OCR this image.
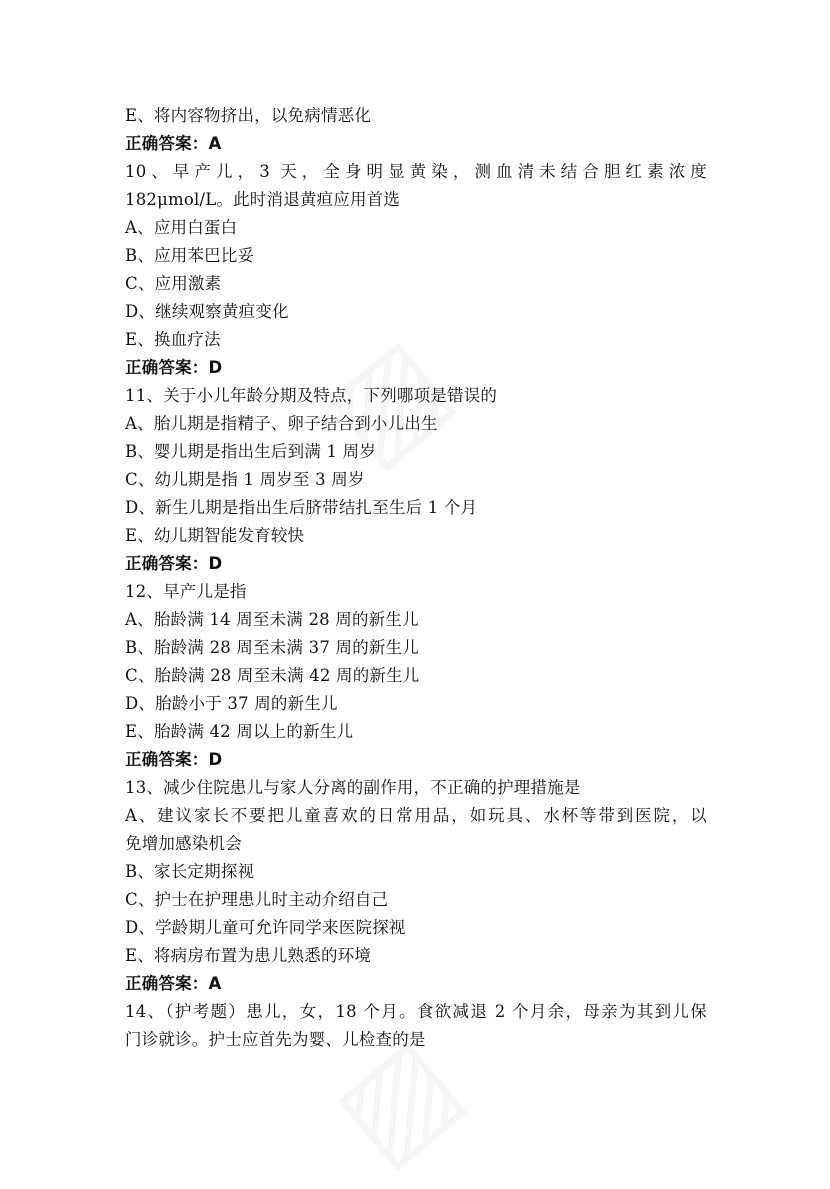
E、将内容物挤出，以免病情恶化
正确答案：A
10、早产儿，3 天，全身明显黄染，测血清未结合胆红素浓度
182μmol/L。此时消退黄疸应用首选
A、应用白蛋白
B、应用苯巴比妥
C、应用激素
D、继续观察黄疸变化
E、换血疗法
正确答案：D
11、关于小儿年龄分期及特点，下列哪项是错误的
A、胎儿期是指精子、卵子结合到小儿出生
B、婴儿期是指出生后到满 1 周岁
C、幼儿期是指 1 周岁至 3 周岁
D、新生儿期是指出生后脐带结扎至生后 1 个月
E、幼儿期智能发育较快
正确答案：D
12、早产儿是指
A、胎龄满 14 周至未满 28 周的新生儿
B、胎龄满 28 周至未满 37 周的新生儿
C、胎龄满 28 周至未满 42 周的新生儿
D、胎龄小于 37 周的新生儿
E、胎龄满 42 周以上的新生儿
正确答案：D
13、减少住院患儿与家人分离的副作用，不正确的护理措施是
A、建议家长不要把儿童喜欢的日常用品，如玩具、水杯等带到医院，以
免增加感染机会
B、家长定期探视
C、护士在护理患儿时主动介绍自己
D、学龄期儿童可允许同学来医院探视
E、将病房布置为患儿熟悉的环境
正确答案：A
14、（护考题）患儿，女，18 个月。食欲减退 2 个月余，母亲为其到儿保
门诊就诊。护士应首先为婴、儿检查的是
